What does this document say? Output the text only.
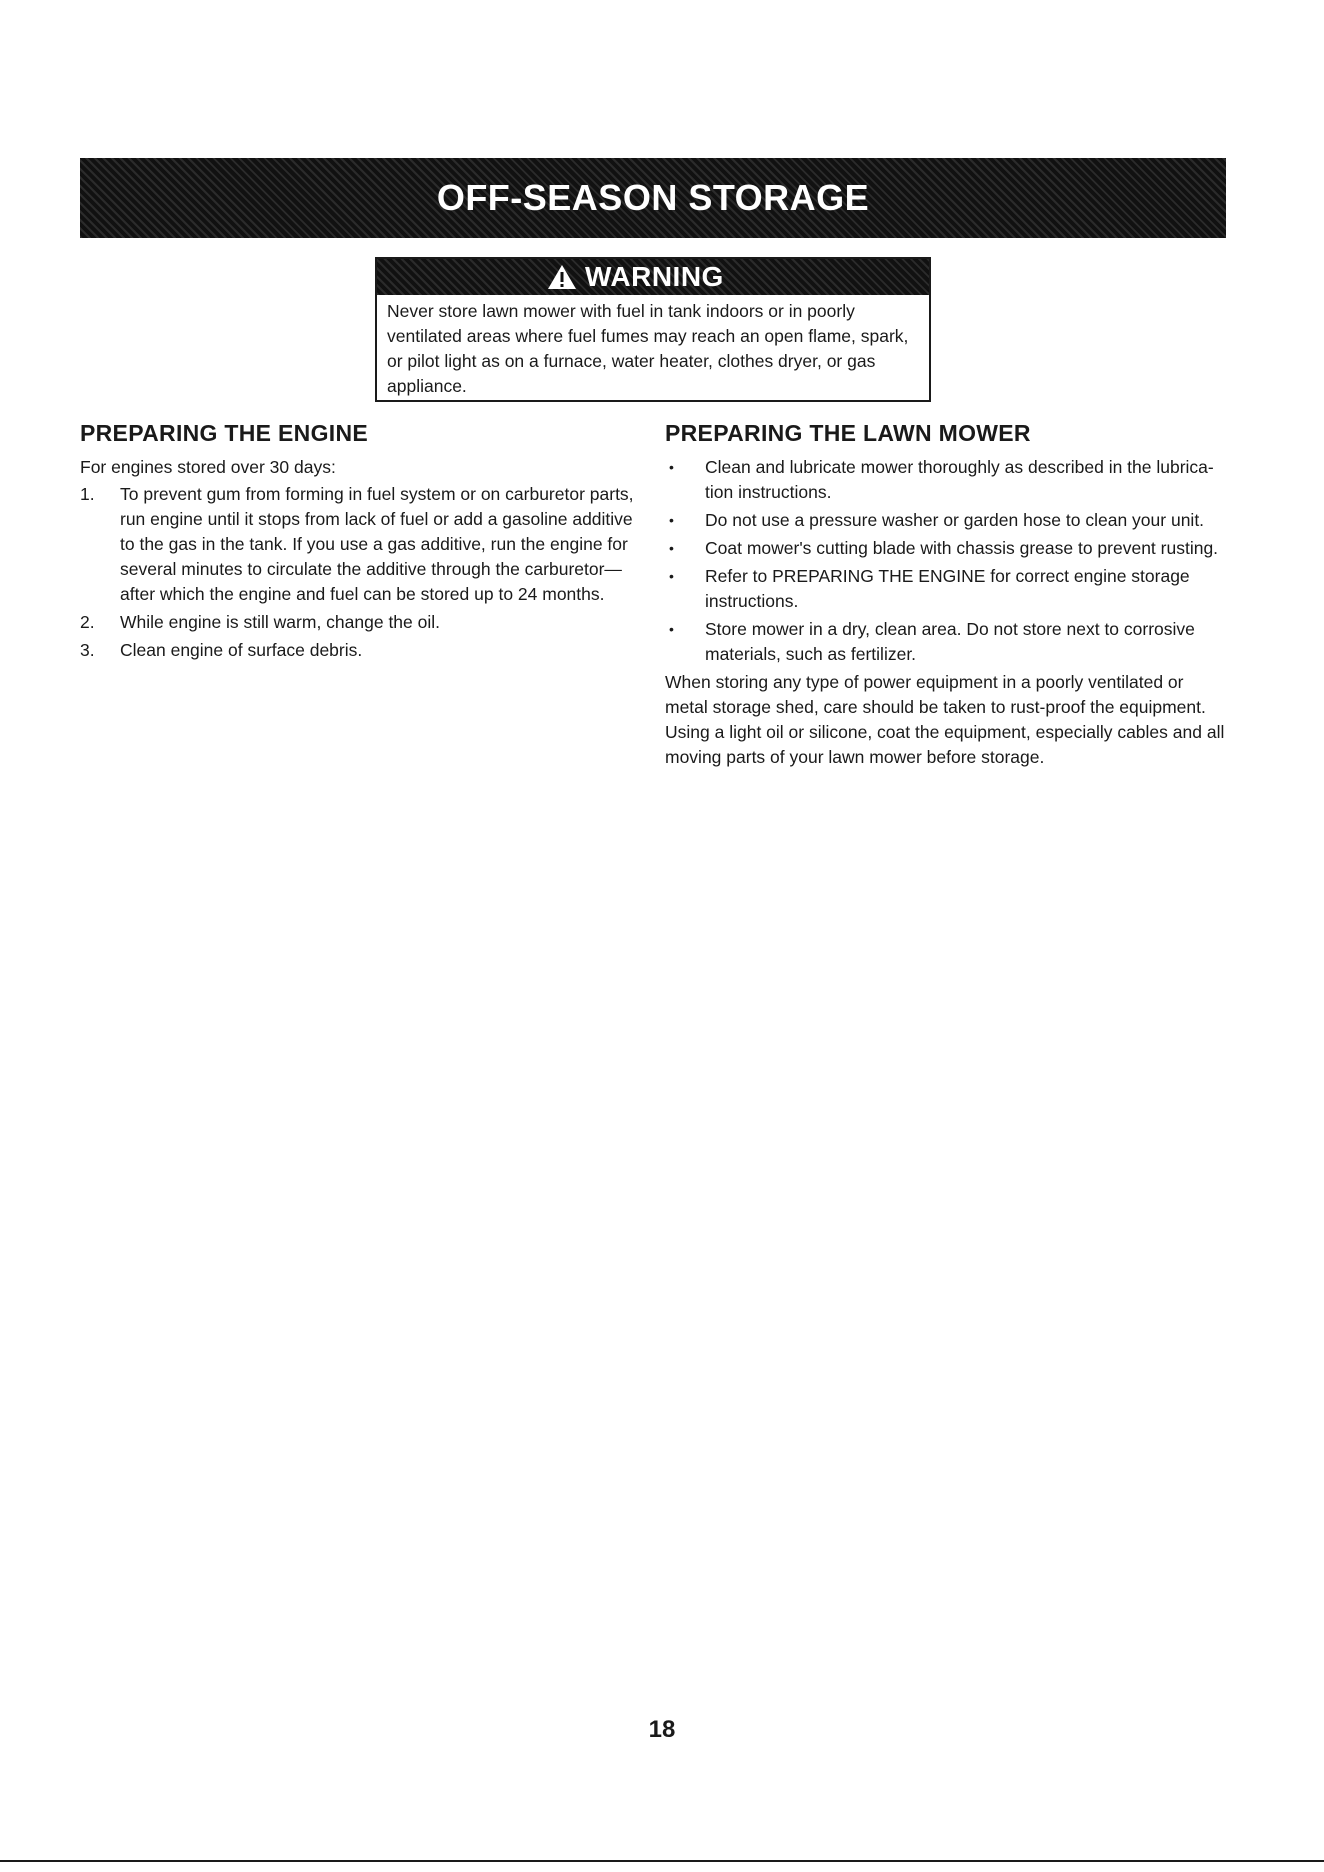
OFF-SEASON STORAGE
WARNING
Never store lawn mower with fuel in tank indoors or in poorly ventilated areas where fuel fumes may reach an open flame, spark, or pilot light as on a furnace, water heater, clothes dryer, or gas appliance.
PREPARING THE ENGINE

For engines stored over 30 days:

1. To prevent gum from forming in fuel system or on carburetor parts, run engine until it stops from lack of fuel or add a gasoline additive to the gas in the tank. If you use a gas additive, run the engine for several minutes to circulate the additive through the carburetor—after which the engine and fuel can be stored up to 24 months.
2. While engine is still warm, change the oil.
3. Clean engine of surface debris.
PREPARING THE LAWN MOWER
• Clean and lubricate mower thoroughly as described in the lubrica-tion instructions.
• Do not use a pressure washer or garden hose to clean your unit.
• Coat mower's cutting blade with chassis grease to prevent rusting.
• Refer to PREPARING THE ENGINE for correct engine storage instructions.
• Store mower in a dry, clean area. Do not store next to corrosive materials, such as fertilizer.

When storing any type of power equipment in a poorly ventilated or metal storage shed, care should be taken to rust-proof the equipment. Using a light oil or silicone, coat the equipment, especially cables and all moving parts of your lawn mower before storage.

18
